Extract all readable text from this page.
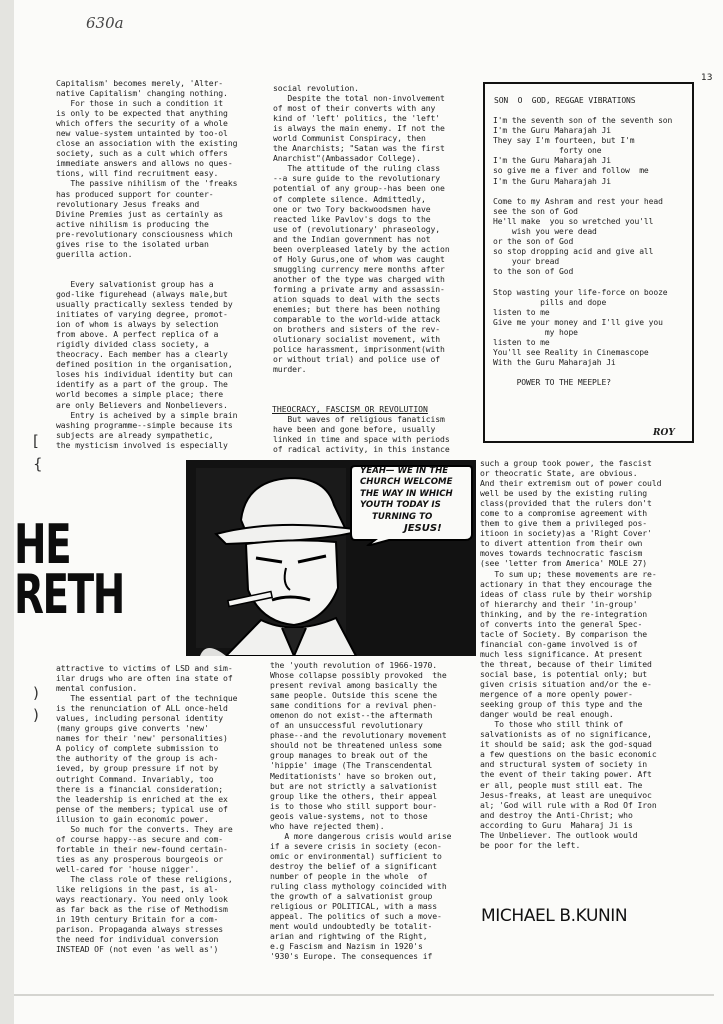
630a
13
Capitalism' becomes merely, 'Alter-
native Capitalism' changing nothing.
For those in such a condition it
is only to be expected that anything
which offers the security of a whole
new value-system untainted by too-ol
close an association with the existing
society, such as a cult which offers
immediate answers and allows no ques-
tions, will find recruitment easy.
The passive nihilism of the 'freaks
has produced support for counter-
revolutionary Jesus freaks and
Divine Premies just as certainly as
active nihilism is producing the
pre-revolutionary consciousness which
gives rise to the isolated urban
guerilla action.

Every salvationist group has a
god-like figurehead (always male,but
usually practically sexless tended by
initiates of varying degree, promot-
ion of whom is always by selection
from above. A perfect replica of a
rigidly divided class society, a
theocracy. Each member has a clearly
defined position in the organisation,
loses his individual identity but can
identify as a part of the group. The
world becomes a simple place; there
are only Believers and Nonbelievers.
Entry is acheived by a simple brain
washing programme--simple because its
subjects are already sympathetic,
the mysticism involved is especially
social revolution.
Despite the total non-involvement
of most of their converts with any
kind of 'left' politics, the 'left'
is always the main enemy. If not the
world Communist Conspiracy, then
the Anarchists; "Satan was the first
Anarchist"(Ambassador College).
The attitude of the ruling class
--a sure guide to the revolutionary
potential of any group--has been one
of complete silence. Admittedly,
one or two Tory backwoodsmen have
reacted like Pavlov's dogs to the
use of (revolutionary' phraseology,
and the Indian government has not
been overpleased lately by the action
of Holy Gurus,one of whom was caught
smuggling currency mere months after
another of the type was charged with
forming a private army and assassin-
ation squads to deal with the sects
enemies; but there has been nothing
comparable to the world-wide attack
on brothers and sisters of the rev-
olutionary socialist movement, with
police harassment, imprisonment(with
or without trial) and police use of
murder.
THEOCRACY, FASCISM OR REVOLUTION
But waves of religious fanaticism
have been and gone before, usually
linked in time and space with periods
of radical activity, in this instance
SON  O  GOD, REGGAE VIBRATIONS
I'm the seventh son of the seventh son
I'm the Guru Maharajah Ji
They say I'm fourteen, but I'm
forty one
I'm the Guru Maharajah Ji
so give me a fiver and follow  me
I'm the Guru Maharajah Ji

Come to my Ashram and rest your head
see the son of God
He'll make  you so wretched you'll
wish you were dead
or the son of God
so stop dropping acid and give all
your bread
to the son of God

Stop wasting your life-force on booze
pills and dope
listen to me
Give me your money and I'll give you
my hope
listen to me
You'll see Reality in Cinemascope
With the Guru Maharajah Ji

POWER TO THE MEEPLE?
ROY
YEAH— WE IN THE
CHURCH WELCOME
THE WAY IN WHICH
YOUTH TODAY IS
TURNING TO
JESUS!
HE
RETH
such a group took power, the fascist
or theocratic State, are obvious.
And their extremism out of power could
well be used by the existing ruling
class(provided that the rulers don't
come to a compromise agreement with
them to give them a privileged pos-
itioon in society)as a 'Right Cover'
to divert attention from their own
moves towards technocratic fascism
(see 'letter from America' MOLE 27)
To sum up; these movements are re-
actionary in that they encourage the
ideas of class rule by their worship
of hierarchy and their 'in-group'
thinking, and by the re-integration
of converts into the general Spec-
tacle of Society. By comparison the
financial con-game involved is of
much less significance. At present
the threat, because of their limited
social base, is potential only; but
given crisis situation and/or the e-
mergence of a more openly power-
seeking group of this type and the
danger would be real enough.
To those who still think of
salvationists as of no significance,
it should be said; ask the god-squad
a few questions on the basic economic
and structural system of society in
the event of their taking power. Aft
er all, people must still eat. The
Jesus-freaks, at least are unequivoc
al; 'God will rule with a Rod Of Iron
and destroy the Anti-Christ; who
according to Guru  Maharaj Ji is
The Unbeliever. The outlook would
be poor for the left.
attractive to victims of LSD and sim-
ilar drugs who are often ina state of
mental confusion.
The essential part of the technique
is the renunciation of ALL once-held
values, including personal identity
(many groups give converts 'new'
names for their 'new' personalities)
A policy of complete submission to
the authority of the group is ach-
ieved, by group pressure if not by
outright Command. Invariably, too
there is a financial consideration;
the leadership is enriched at the ex
pense of the members; typical use of
illusion to gain economic power.
So much for the converts. They are
of course happy--as secure and com-
fortable in their new-found certain-
ties as any prosperous bourgeois or
well-cared for 'house nigger'.
The class role of these religions,
like religions in the past, is al-
ways reactionary. You need only look
as far back as the rise of Methodism
in 19th century Britain for a com-
parison. Propaganda always stresses
the need for individual conversion
INSTEAD OF (not even 'as well as')
the 'youth revolution of 1966-1970.
Whose collapse possibly provoked  the
present revival among basically the
same people. Outside this scene the
same conditions for a revival phen-
omenon do not exist--the aftermath
of an unsuccessful revolutionary
phase--and the revolutionary movement
should not be threatened unless some
group manages to break out of the
'hippie' image (The Transcendental
Meditationists' have so broken out,
but are not strictly a salvationist
group like the others, their appeal
is to those who still support bour-
geois value-systems, not to those
who have rejected them).
A more dangerous crisis would arise
if a severe crisis in society (econ-
omic or environmental) sufficient to
destroy the belief of a significant
number of people in the whole  of
ruling class mythology coincided with
the growth of a salvationist group
religious or POLITICAL, with a mass
appeal. The politics of such a move-
ment would undoubtedly be totalit-
arian and rightwing of the Right,
e.g Fascism and Nazism in 1920's
'930's Europe. The consequences if
MICHAEL B.KUNIN
[
{
)
)
